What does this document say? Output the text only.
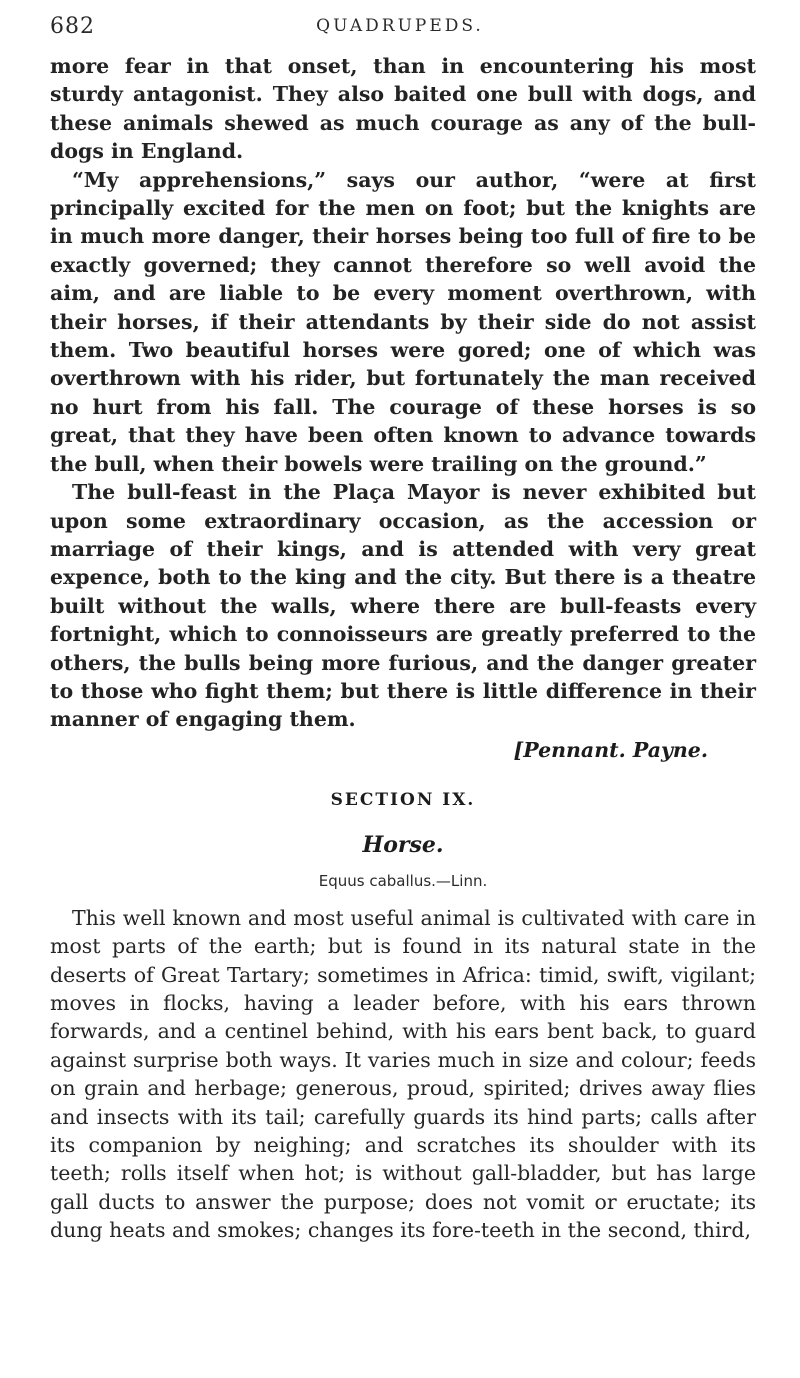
682	QUADRUPEDS.

more fear in that onset, than in encountering his most sturdy antagonist. They also baited one bull with dogs, and these animals shewed as much courage as any of the bull-dogs in England.

“My apprehensions,” says our author, “were at first principally excited for the men on foot; but the knights are in much more danger, their horses being too full of fire to be exactly governed; they cannot therefore so well avoid the aim, and are liable to be every moment overthrown, with their horses, if their attendants by their side do not assist them. Two beautiful horses were gored; one of which was overthrown with his rider, but fortunately the man received no hurt from his fall. The courage of these horses is so great, that they have been often known to advance towards the bull, when their bowels were trailing on the ground.”

The bull-feast in the Plaça Mayor is never exhibited but upon some extraordinary occasion, as the accession or marriage of their kings, and is attended with very great expence, both to the king and the city. But there is a theatre built without the walls, where there are bull-feasts every fortnight, which to connoisseurs are greatly preferred to the others, the bulls being more furious, and the danger greater to those who fight them; but there is little difference in their manner of engaging them.

[Pennant. Payne.

SECTION IX.
Horse.
Equus caballus.—Linn.

This well known and most useful animal is cultivated with care in most parts of the earth; but is found in its natural state in the deserts of Great Tartary; sometimes in Africa: timid, swift, vigilant; moves in flocks, having a leader before, with his ears thrown forwards, and a centinel behind, with his ears bent back, to guard against surprise both ways. It varies much in size and colour; feeds on grain and herbage; generous, proud, spirited; drives away flies and insects with its tail; carefully guards its hind parts; calls after its companion by neighing; and scratches its shoulder with its teeth; rolls itself when hot; is without gall-bladder, but has large gall ducts to answer the purpose; does not vomit or eructate; its dung heats and smokes; changes its fore-teeth in the second, third,
